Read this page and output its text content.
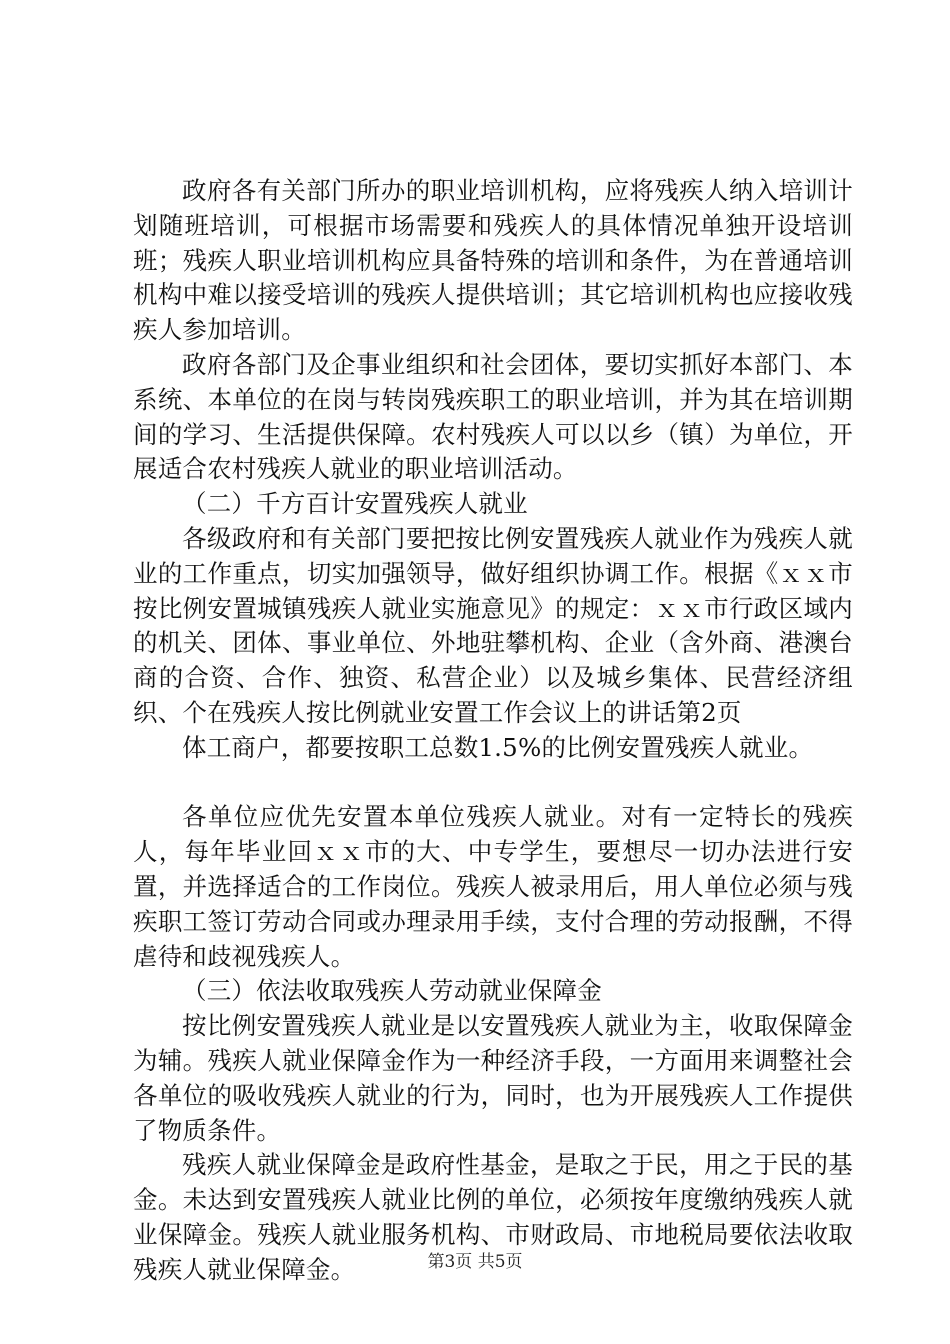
政府各有关部门所办的职业培训机构，应将残疾人纳入培训计划随班培训，可根据市场需要和残疾人的具体情况单独开设培训班；残疾人职业培训机构应具备特殊的培训和条件，为在普通培训机构中难以接受培训的残疾人提供培训；其它培训机构也应接收残疾人参加培训。

政府各部门及企事业组织和社会团体，要切实抓好本部门、本系统、本单位的在岗与转岗残疾职工的职业培训，并为其在培训期间的学习、生活提供保障。农村残疾人可以以乡（镇）为单位，开展适合农村残疾人就业的职业培训活动。

（二）千方百计安置残疾人就业

各级政府和有关部门要把按比例安置残疾人就业作为残疾人就业的工作重点，切实加强领导，做好组织协调工作。根据《ｘｘ市按比例安置城镇残疾人就业实施意见》的规定：ｘｘ市行政区域内的机关、团体、事业单位、外地驻攀机构、企业（含外商、港澳台商的合资、合作、独资、私营企业）以及城乡集体、民营经济组织、个在残疾人按比例就业安置工作会议上的讲话第2页

体工商户，都要按职工总数1.5%的比例安置残疾人就业。

各单位应优先安置本单位残疾人就业。对有一定特长的残疾人，每年毕业回ｘｘ市的大、中专学生，要想尽一切办法进行安置，并选择适合的工作岗位。残疾人被录用后，用人单位必须与残疾职工签订劳动合同或办理录用手续，支付合理的劳动报酬，不得虐待和歧视残疾人。

（三）依法收取残疾人劳动就业保障金

按比例安置残疾人就业是以安置残疾人就业为主，收取保障金为辅。残疾人就业保障金作为一种经济手段，一方面用来调整社会各单位的吸收残疾人就业的行为，同时，也为开展残疾人工作提供了物质条件。

残疾人就业保障金是政府性基金，是取之于民，用之于民的基金。未达到安置残疾人就业比例的单位，必须按年度缴纳残疾人就业保障金。残疾人就业服务机构、市财政局、市地税局要依法收取残疾人就业保障金。	第3页 共5页
